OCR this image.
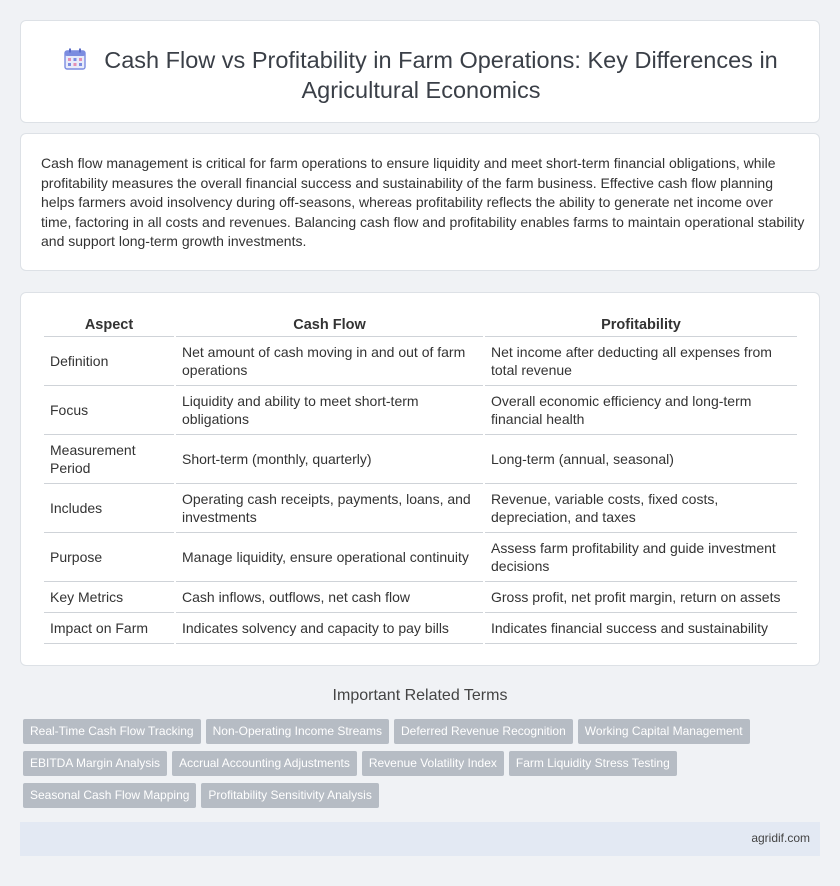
Cash Flow vs Profitability in Farm Operations: Key Differences in Agricultural Economics

Cash flow management is critical for farm operations to ensure liquidity and meet short-term financial obligations, while profitability measures the overall financial success and sustainability of the farm business. Effective cash flow planning helps farmers avoid insolvency during off-seasons, whereas profitability reflects the ability to generate net income over time, factoring in all costs and revenues. Balancing cash flow and profitability enables farms to maintain operational stability and support long-term growth investments.

Aspect	Cash Flow	Profitability
Definition	Net amount of cash moving in and out of farm operations	Net income after deducting all expenses from total revenue
Focus	Liquidity and ability to meet short-term obligations	Overall economic efficiency and long-term financial health
Measurement Period	Short-term (monthly, quarterly)	Long-term (annual, seasonal)
Includes	Operating cash receipts, payments, loans, and investments	Revenue, variable costs, fixed costs, depreciation, and taxes
Purpose	Manage liquidity, ensure operational continuity	Assess farm profitability and guide investment decisions
Key Metrics	Cash inflows, outflows, net cash flow	Gross profit, net profit margin, return on assets
Impact on Farm	Indicates solvency and capacity to pay bills	Indicates financial success and sustainability
Important Related Terms
Real-Time Cash Flow Tracking Non-Operating Income Streams Deferred Revenue Recognition Working Capital Management
EBITDA Margin Analysis Accrual Accounting Adjustments Revenue Volatility Index Farm Liquidity Stress Testing
Seasonal Cash Flow Mapping Profitability Sensitivity Analysis
agridif.com
